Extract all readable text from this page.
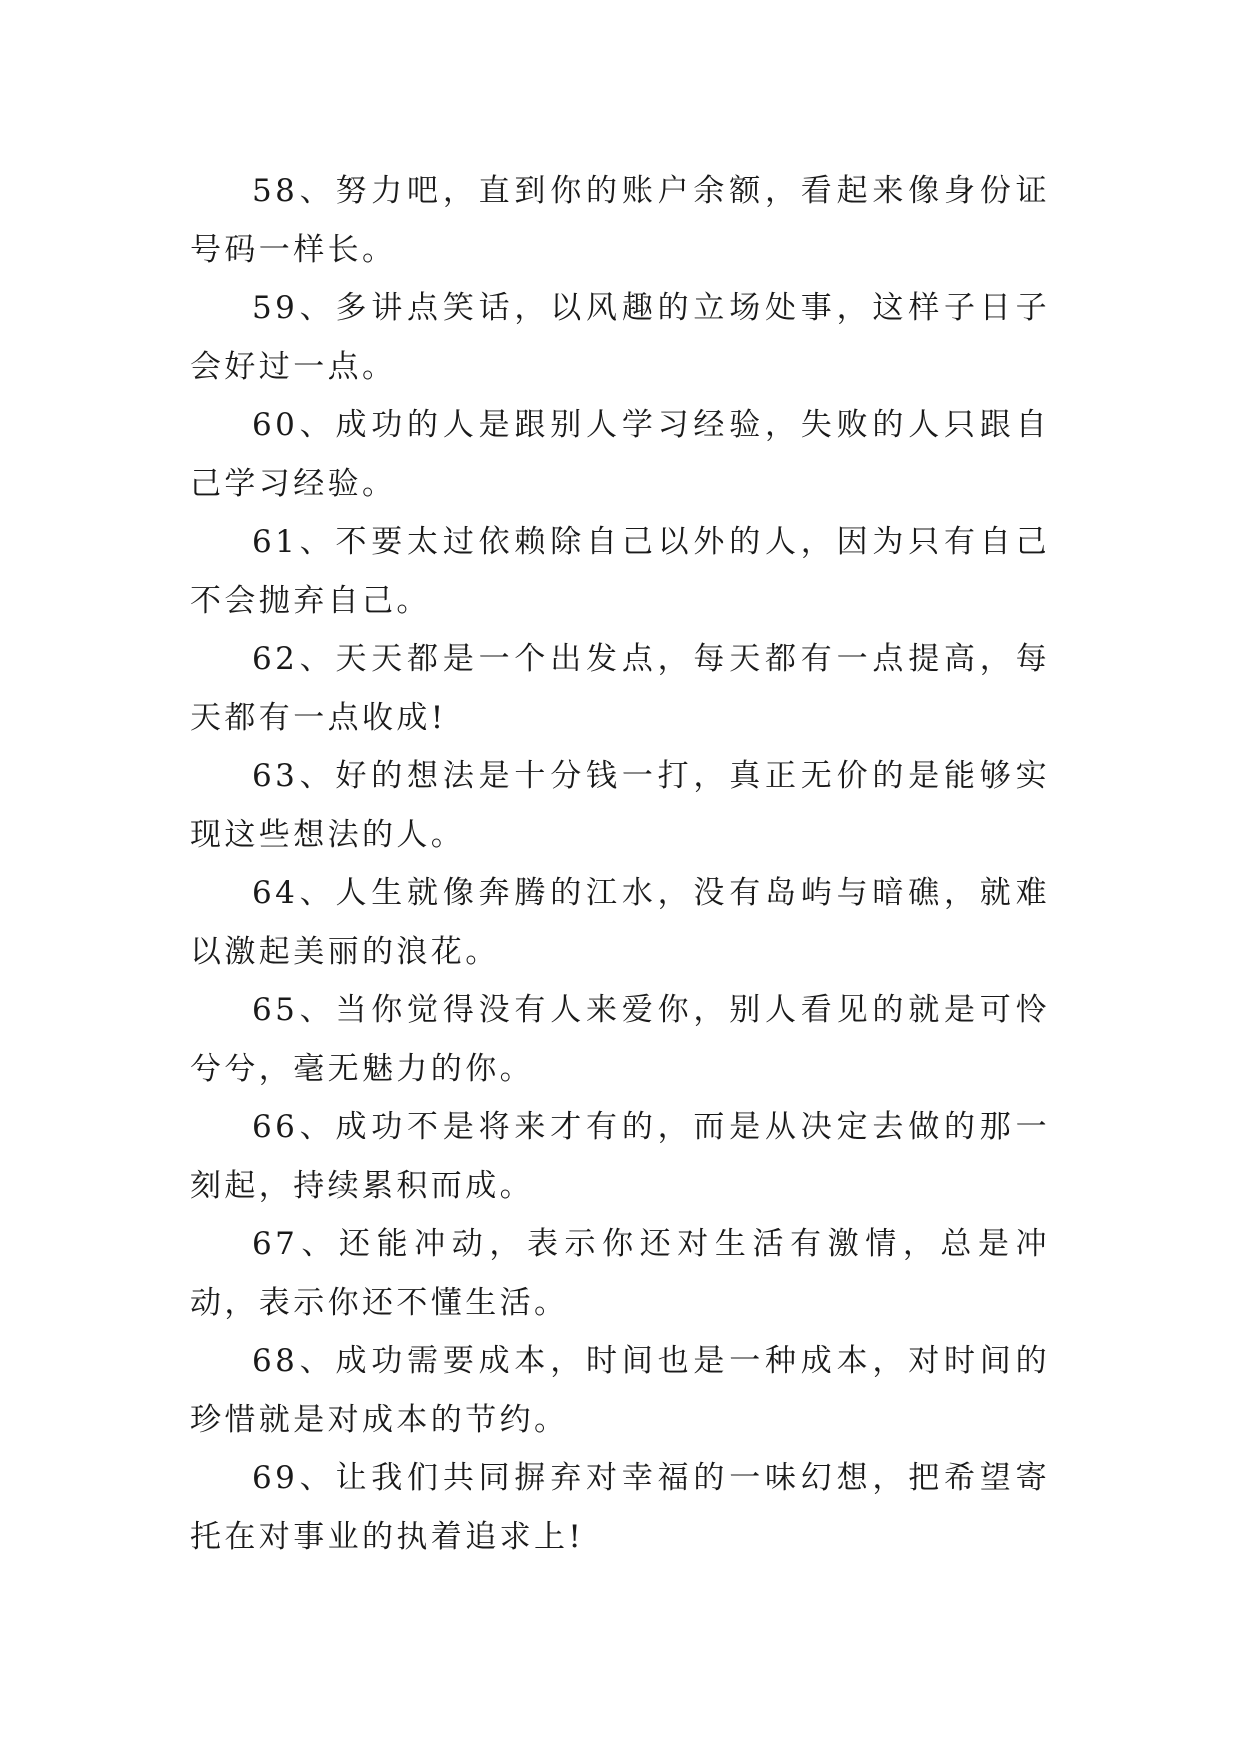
58、努力吧，直到你的账户余额，看起来像身份证号码一样长。

59、多讲点笑话，以风趣的立场处事，这样子日子会好过一点。

60、成功的人是跟别人学习经验，失败的人只跟自己学习经验。

61、不要太过依赖除自己以外的人，因为只有自己不会抛弃自己。

62、天天都是一个出发点，每天都有一点提高，每天都有一点收成!

63、好的想法是十分钱一打，真正无价的是能够实现这些想法的人。

64、人生就像奔腾的江水，没有岛屿与暗礁，就难以激起美丽的浪花。

65、当你觉得没有人来爱你，别人看见的就是可怜兮兮，毫无魅力的你。

66、成功不是将来才有的，而是从决定去做的那一刻起，持续累积而成。

67、还能冲动，表示你还对生活有激情，总是冲动，表示你还不懂生活。

68、成功需要成本，时间也是一种成本，对时间的珍惜就是对成本的节约。

69、让我们共同摒弃对幸福的一味幻想，把希望寄托在对事业的执着追求上!
